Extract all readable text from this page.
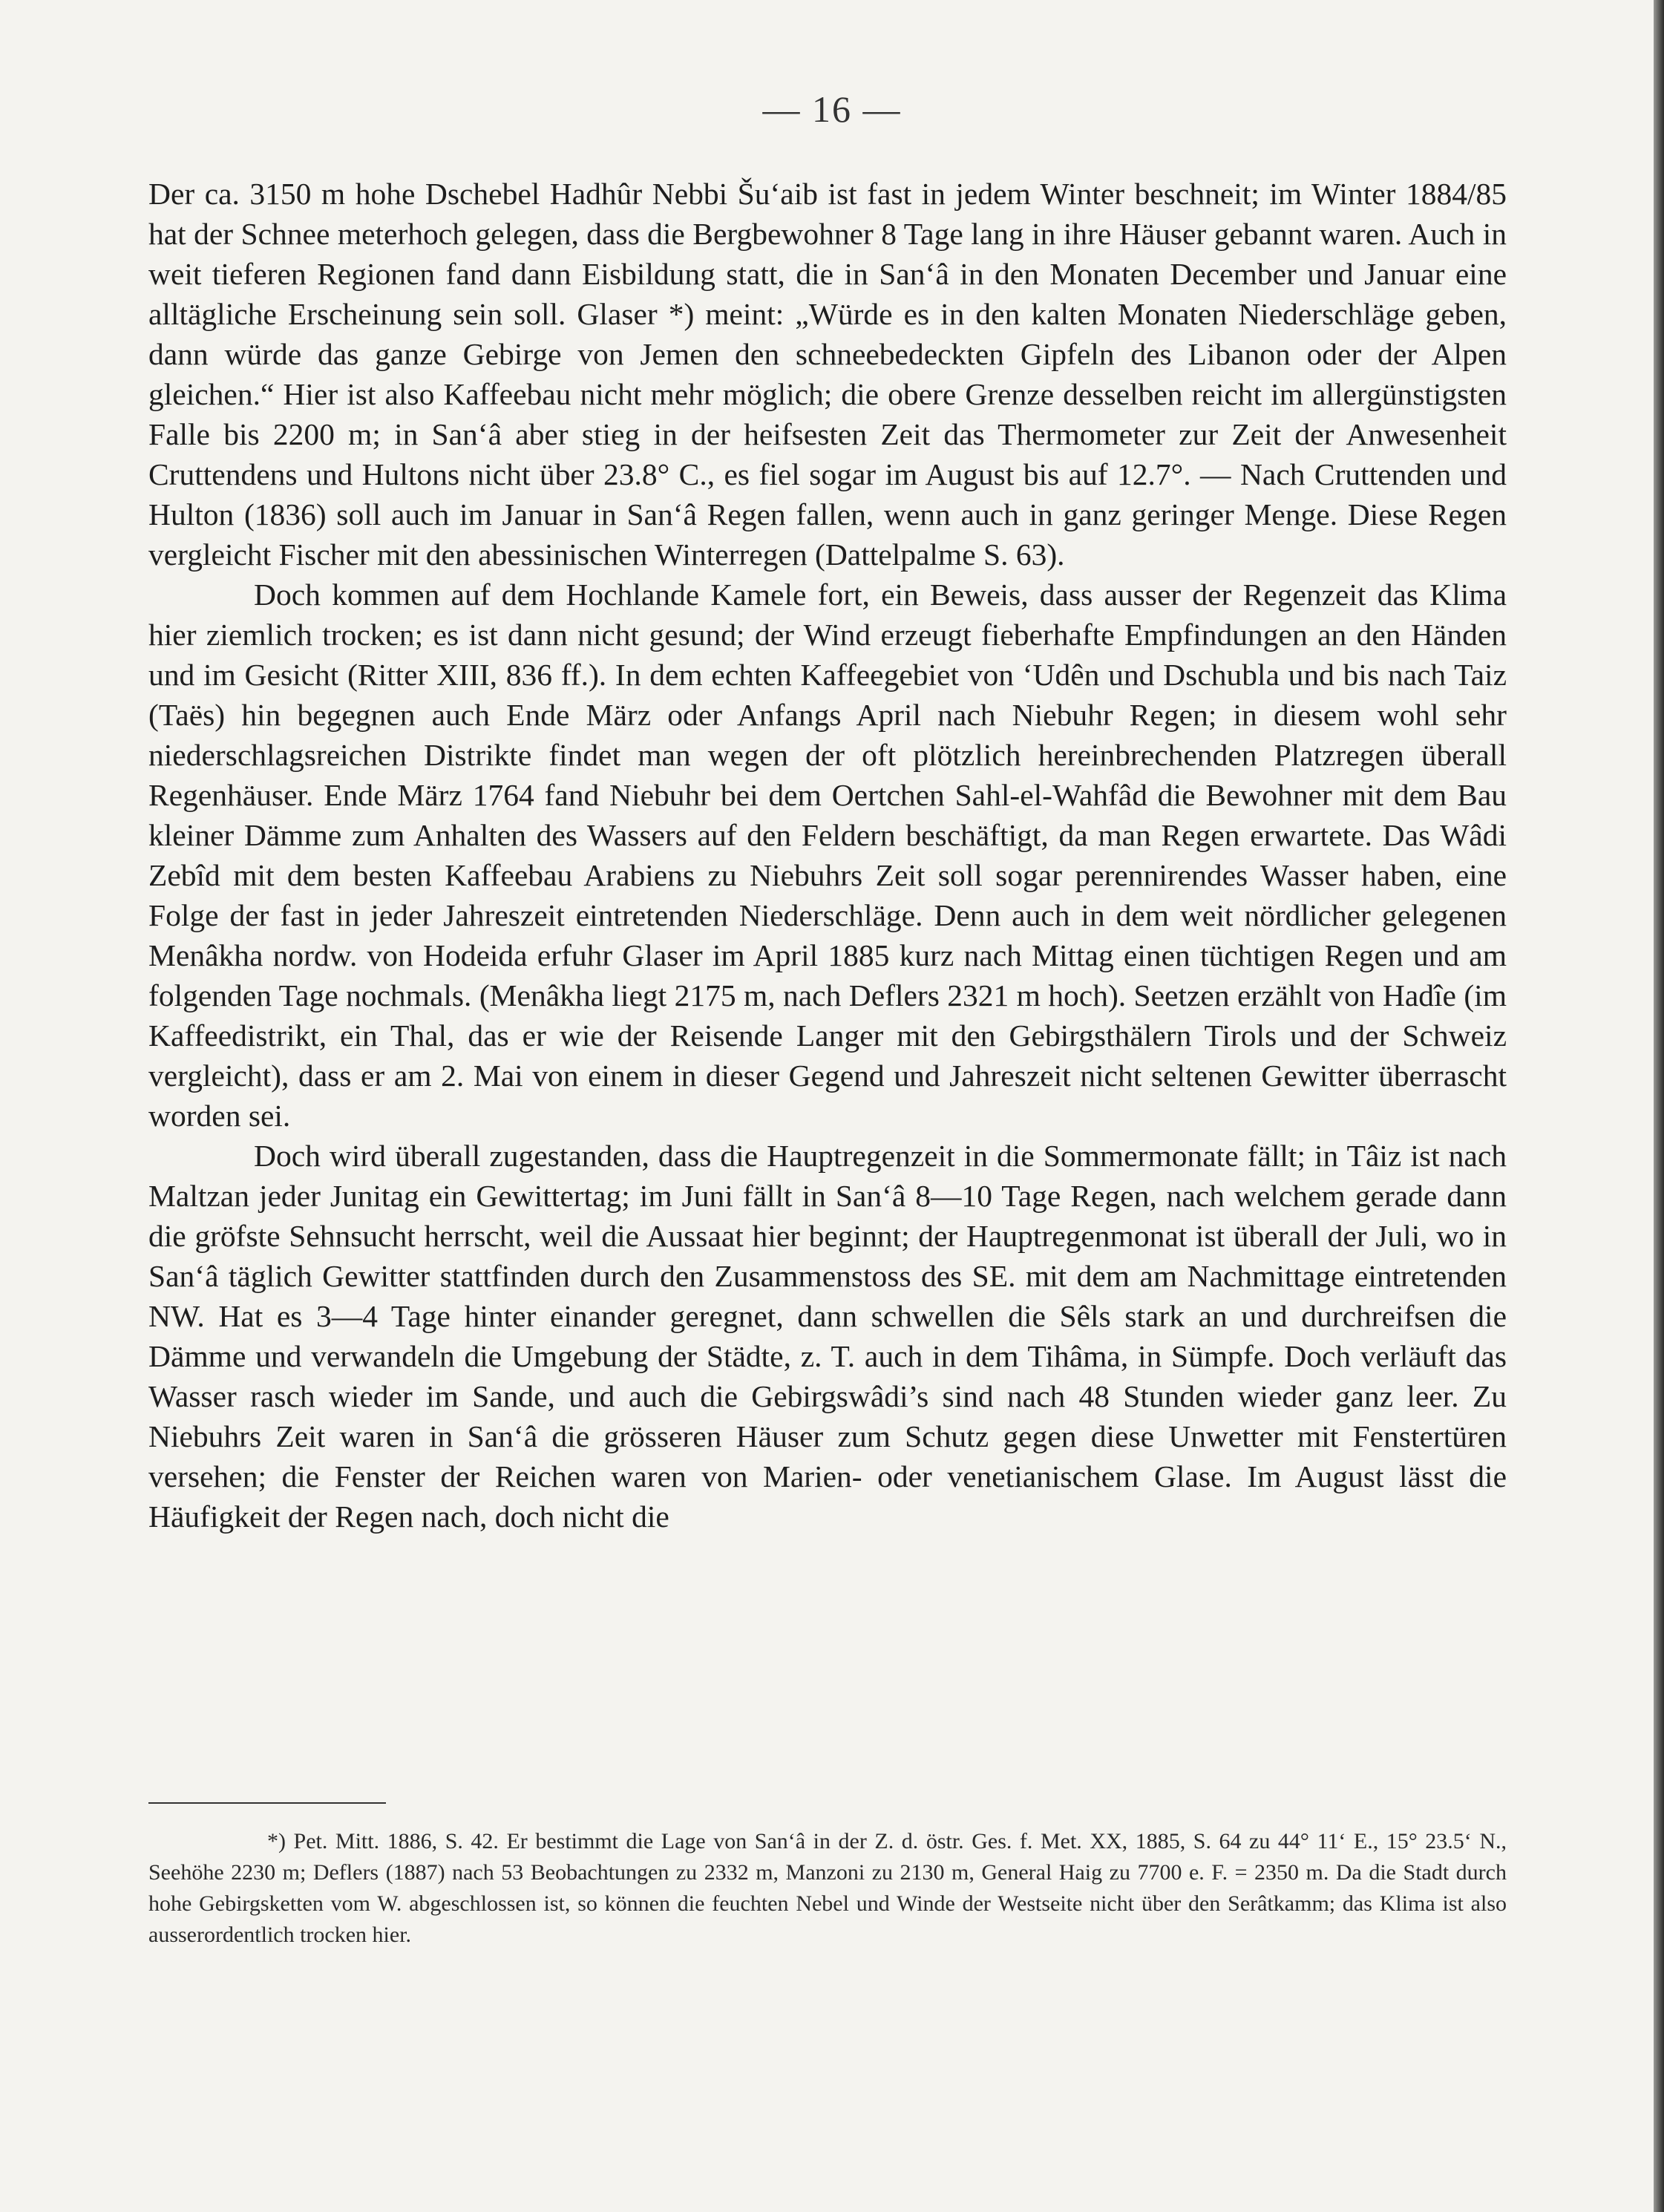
— 16 —

Der ca. 3150 m hohe Dschebel Hadhûr Nebbi Šu‘aib ist fast in jedem Winter beschneit; im Winter 1884/85 hat der Schnee meterhoch gelegen, dass die Bergbewohner 8 Tage lang in ihre Häuser gebannt waren. Auch in weit tieferen Regionen fand dann Eisbildung statt, die in San‘â in den Monaten December und Januar eine alltägliche Erscheinung sein soll. Glaser *) meint: „Würde es in den kalten Monaten Niederschläge geben, dann würde das ganze Gebirge von Jemen den schneebedeckten Gipfeln des Libanon oder der Alpen gleichen.“ Hier ist also Kaffeebau nicht mehr möglich; die obere Grenze desselben reicht im allergünstigsten Falle bis 2200 m; in San‘â aber stieg in der heifsesten Zeit das Thermometer zur Zeit der Anwesenheit Cruttendens und Hultons nicht über 23.8° C., es fiel sogar im August bis auf 12.7°. — Nach Cruttenden und Hulton (1836) soll auch im Januar in San‘â Regen fallen, wenn auch in ganz geringer Menge. Diese Regen vergleicht Fischer mit den abessinischen Winterregen (Dattelpalme S. 63).

Doch kommen auf dem Hochlande Kamele fort, ein Beweis, dass ausser der Regenzeit das Klima hier ziemlich trocken; es ist dann nicht gesund; der Wind erzeugt fieberhafte Empfindungen an den Händen und im Gesicht (Ritter XIII, 836 ff.). In dem echten Kaffeegebiet von ‘Udên und Dschubla und bis nach Taiz (Taës) hin begegnen auch Ende März oder Anfangs April nach Niebuhr Regen; in diesem wohl sehr niederschlagsreichen Distrikte findet man wegen der oft plötzlich hereinbrechenden Platzregen überall Regenhäuser. Ende März 1764 fand Niebuhr bei dem Oertchen Sahl-el-Wahfâd die Bewohner mit dem Bau kleiner Dämme zum Anhalten des Wassers auf den Feldern beschäftigt, da man Regen erwartete. Das Wâdi Zebîd mit dem besten Kaffeebau Arabiens zu Niebuhrs Zeit soll sogar perennirendes Wasser haben, eine Folge der fast in jeder Jahreszeit eintretenden Niederschläge. Denn auch in dem weit nördlicher gelegenen Menâkha nordw. von Hodeida erfuhr Glaser im April 1885 kurz nach Mittag einen tüchtigen Regen und am folgenden Tage nochmals. (Menâkha liegt 2175 m, nach Deflers 2321 m hoch). Seetzen erzählt von Hadîe (im Kaffeedistrikt, ein Thal, das er wie der Reisende Langer mit den Gebirgsthälern Tirols und der Schweiz vergleicht), dass er am 2. Mai von einem in dieser Gegend und Jahreszeit nicht seltenen Gewitter überrascht worden sei.

Doch wird überall zugestanden, dass die Hauptregenzeit in die Sommermonate fällt; in Tâiz ist nach Maltzan jeder Junitag ein Gewittertag; im Juni fällt in San‘â 8—10 Tage Regen, nach welchem gerade dann die gröfste Sehnsucht herrscht, weil die Aussaat hier beginnt; der Hauptregenmonat ist überall der Juli, wo in San‘â täglich Gewitter stattfinden durch den Zusammenstoss des SE. mit dem am Nachmittage eintretenden NW. Hat es 3—4 Tage hinter einander geregnet, dann schwellen die Sêls stark an und durchreifsen die Dämme und verwandeln die Umgebung der Städte, z. T. auch in dem Tihâma, in Sümpfe. Doch verläuft das Wasser rasch wieder im Sande, und auch die Gebirgswâdi’s sind nach 48 Stunden wieder ganz leer. Zu Niebuhrs Zeit waren in San‘â die grösseren Häuser zum Schutz gegen diese Unwetter mit Fenstertüren versehen; die Fenster der Reichen waren von Marien- oder venetianischem Glase. Im August lässt die Häufigkeit der Regen nach, doch nicht die

*) Pet. Mitt. 1886, S. 42. Er bestimmt die Lage von San‘â in der Z. d. östr. Ges. f. Met. XX, 1885, S. 64 zu 44° 11‘ E., 15° 23.5‘ N., Seehöhe 2230 m; Deflers (1887) nach 53 Beobachtungen zu 2332 m, Manzoni zu 2130 m, General Haig zu 7700 e. F. = 2350 m. Da die Stadt durch hohe Gebirgsketten vom W. abgeschlossen ist, so können die feuchten Nebel und Winde der Westseite nicht über den Serâtkamm; das Klima ist also ausserordentlich trocken hier.
